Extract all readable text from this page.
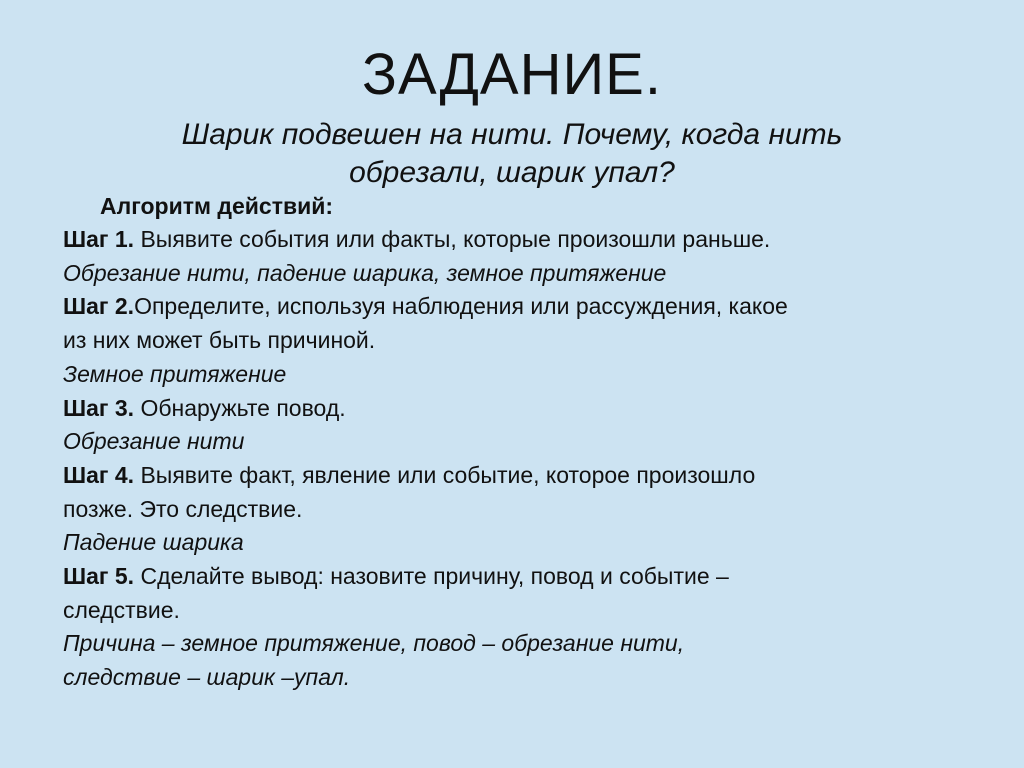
ЗАДАНИЕ.
Шарик подвешен на нити. Почему, когда нить
обрезали, шарик упал?
Алгоритм действий:

Шаг 1. Выявите события или факты, которые произошли раньше.

Обрезание нити, падение шарика, земное притяжение

Шаг 2.Определите, используя наблюдения или рассуждения, какое

из них может быть причиной.

Земное притяжение

Шаг 3. Обнаружьте повод.

Обрезание нити

Шаг 4. Выявите факт, явление или событие, которое произошло

позже. Это следствие.

Падение шарика

Шаг 5. Сделайте вывод: назовите причину, повод и событие –

следствие.

Причина – земное притяжение, повод – обрезание нити,

следствие – шарик –упал.
